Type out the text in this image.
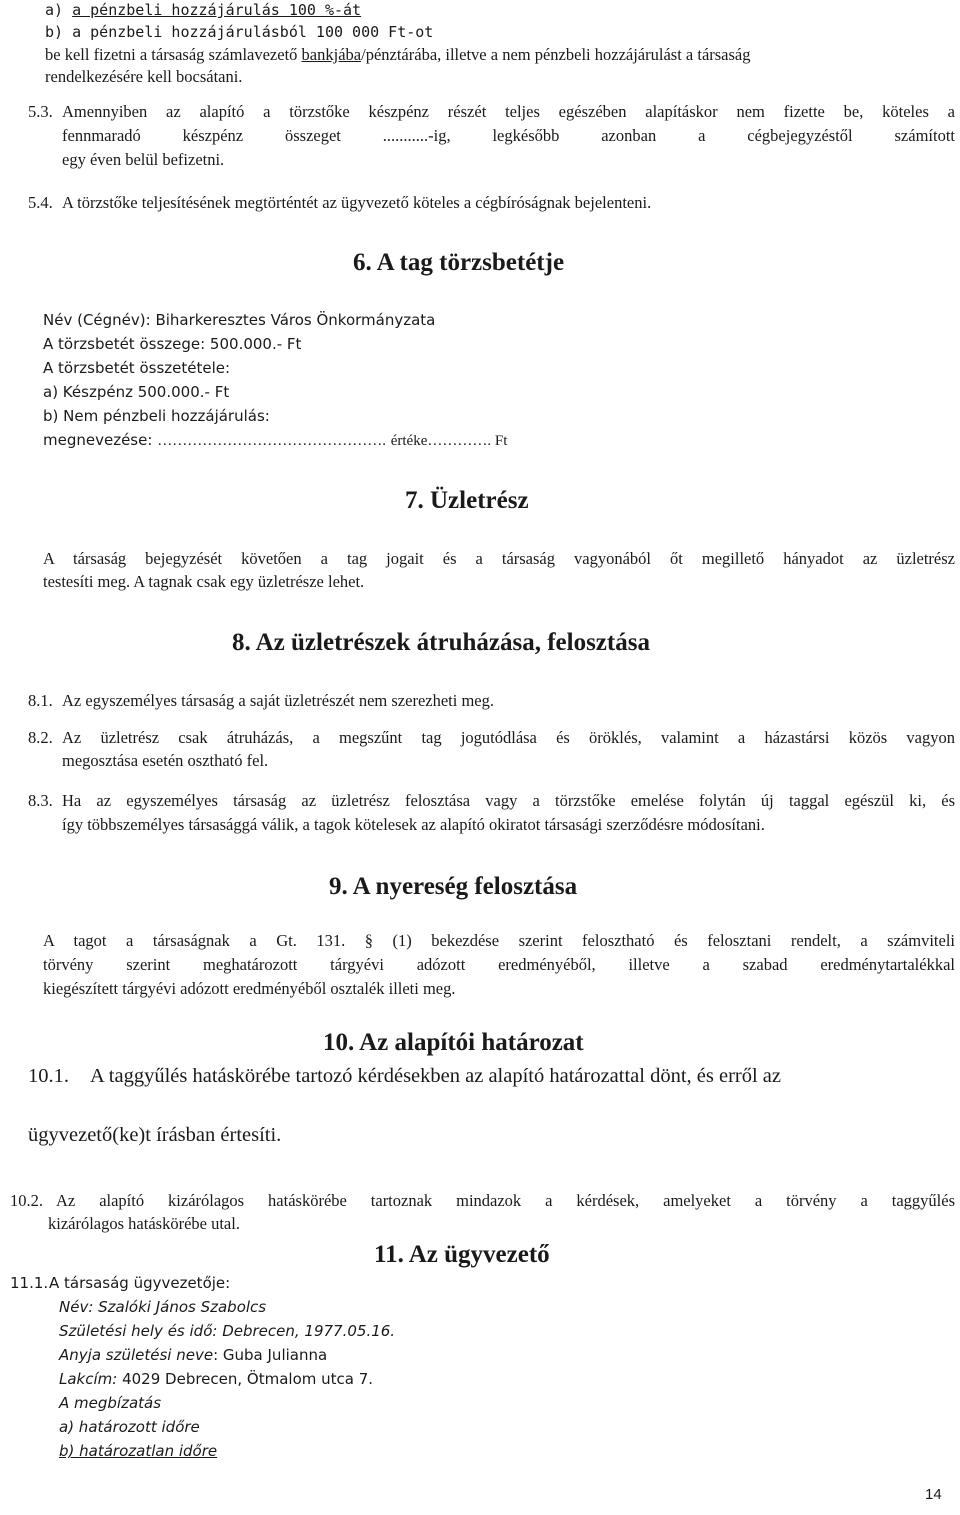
a) a pénzbeli hozzájárulás 100 %-át
b) a pénzbeli hozzájárulásból 100 000 Ft-ot
be kell fizetni a társaság számlavezető bankjába/pénztárába, illetve a nem pénzbeli hozzájárulást a társaság
rendelkezésére kell bocsátani.
5.3. Amennyiben az alapító a törzstőke készpénz részét teljes egészében alapításkor nem fizette be, köteles a
fennmaradó készpénz összeget ...........-ig, legkésőbb azonban a cégbejegyzéstől számított
egy éven belül befizetni.
5.4. A törzstőke teljesítésének megtörténtét az ügyvezető köteles a cégbíróságnak bejelenteni.
6. A tag törzsbetétje
Név (Cégnév): Biharkeresztes Város Önkormányzata
A törzsbetét összege: 500.000.- Ft
A törzsbetét összetétele:
a) Készpénz 500.000.- Ft
b) Nem pénzbeli hozzájárulás:
megnevezése: ………………………………………. értéke…………. Ft
7. Üzletrész
A társaság bejegyzését követően a tag jogait és a társaság vagyonából őt megillető hányadot az üzletrész
testesíti meg. A tagnak csak egy üzletrésze lehet.
8. Az üzletrészek átruházása, felosztása
8.1. Az egyszemélyes társaság a saját üzletrészét nem szerezheti meg.
8.2. Az üzletrész csak átruházás, a megszűnt tag jogutódlása és öröklés, valamint a házastársi közös vagyon
megosztása esetén osztható fel.
8.3. Ha az egyszemélyes társaság az üzletrész felosztása vagy a törzstőke emelése folytán új taggal egészül ki, és
így többszemélyes társasággá válik, a tagok kötelesek az alapító okiratot társasági szerződésre módosítani.
9. A nyereség felosztása
A tagot a társaságnak a Gt. 131. § (1) bekezdése szerint felosztható és felosztani rendelt, a számviteli
törvény szerint meghatározott tárgyévi adózott eredményéből, illetve a szabad eredménytartalékkal
kiegészített tárgyévi adózott eredményéből osztalék illeti meg.
10. Az alapítói határozat
10.1. A taggyűlés hatáskörébe tartozó kérdésekben az alapító határozattal dönt, és erről az
ügyvezető(ke)t írásban értesíti.
10.2. Az alapító kizárólagos hatáskörébe tartoznak mindazok a kérdések, amelyeket a törvény a taggyűlés
kizárólagos hatáskörébe utal.
11. Az ügyvezető
11.1. A társaság ügyvezetője:
Név: Szalóki János Szabolcs
Születési hely és idő: Debrecen, 1977.05.16.
Anyja születési neve: Guba Julianna
Lakcím: 4029 Debrecen, Ötmalom utca 7.
A megbízatás
a) határozott időre
b) határozatlan időre
14
